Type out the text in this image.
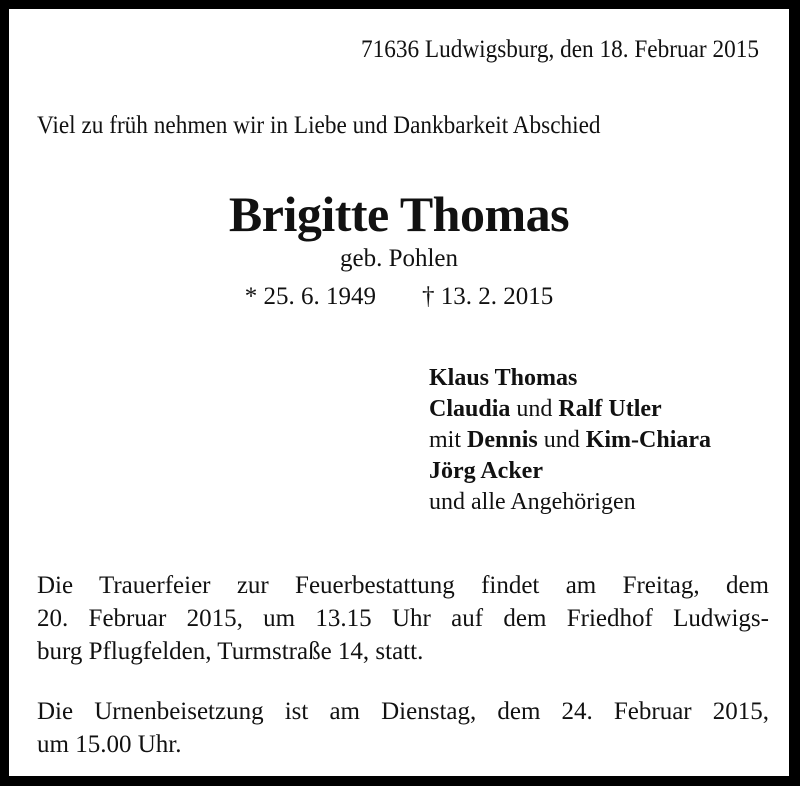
71636 Ludwigsburg, den 18. Februar 2015
Viel zu früh nehmen wir in Liebe und Dankbarkeit Abschied
Brigitte Thomas
geb. Pohlen
* 25. 6. 1949 † 13. 2. 2015
Klaus Thomas
Claudia und Ralf Utler
mit Dennis und Kim-Chiara
Jörg Acker
und alle Angehörigen
Die Trauerfeier zur Feuerbestattung findet am Freitag, dem
20. Februar 2015, um 13.15 Uhr auf dem Friedhof Ludwigs-
burg Pflugfelden, Turmstraße 14, statt.
Die Urnenbeisetzung ist am Dienstag, dem 24. Februar 2015,
um 15.00 Uhr.
